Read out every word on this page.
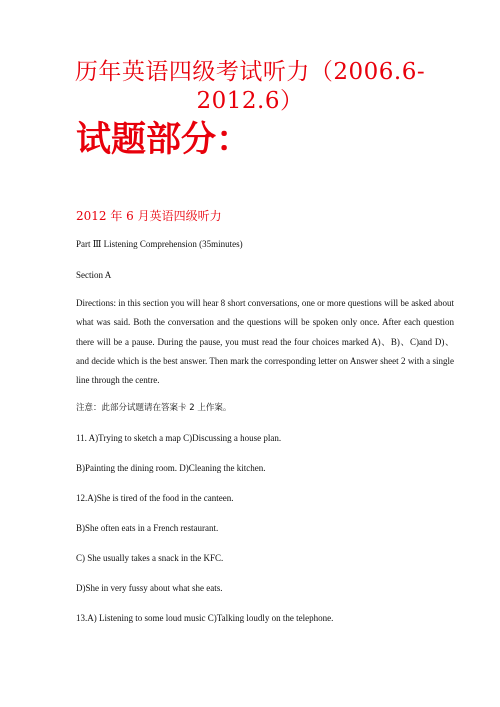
历年英语四级考试听力（2006.6-
2012.6）
试题部分：
2012 年 6 月英语四级听力
Part Ⅲ Listening Comprehension (35minutes)
Section A
Directions: in this section you will hear 8 short conversations, one or more questions will be asked about what was said. Both the conversation and the questions will be spoken only once. After each question there will be a pause. During the pause, you must read the four choices marked A)、B)、C)and D)、and decide which is the best answer. Then mark the corresponding letter on Answer sheet 2 with a single line through the centre.
注意：此部分试题请在答案卡 2 上作案。
11. A)Trying to sketch a map C)Discussing a house plan.
B)Painting the dining room. D)Cleaning the kitchen.
12.A)She is tired of the food in the canteen.
B)She often eats in a French restaurant.
C) She usually takes a snack in the KFC.
D)She in very fussy about what she eats.
13.A) Listening to some loud music C)Talking loudly on the telephone.
